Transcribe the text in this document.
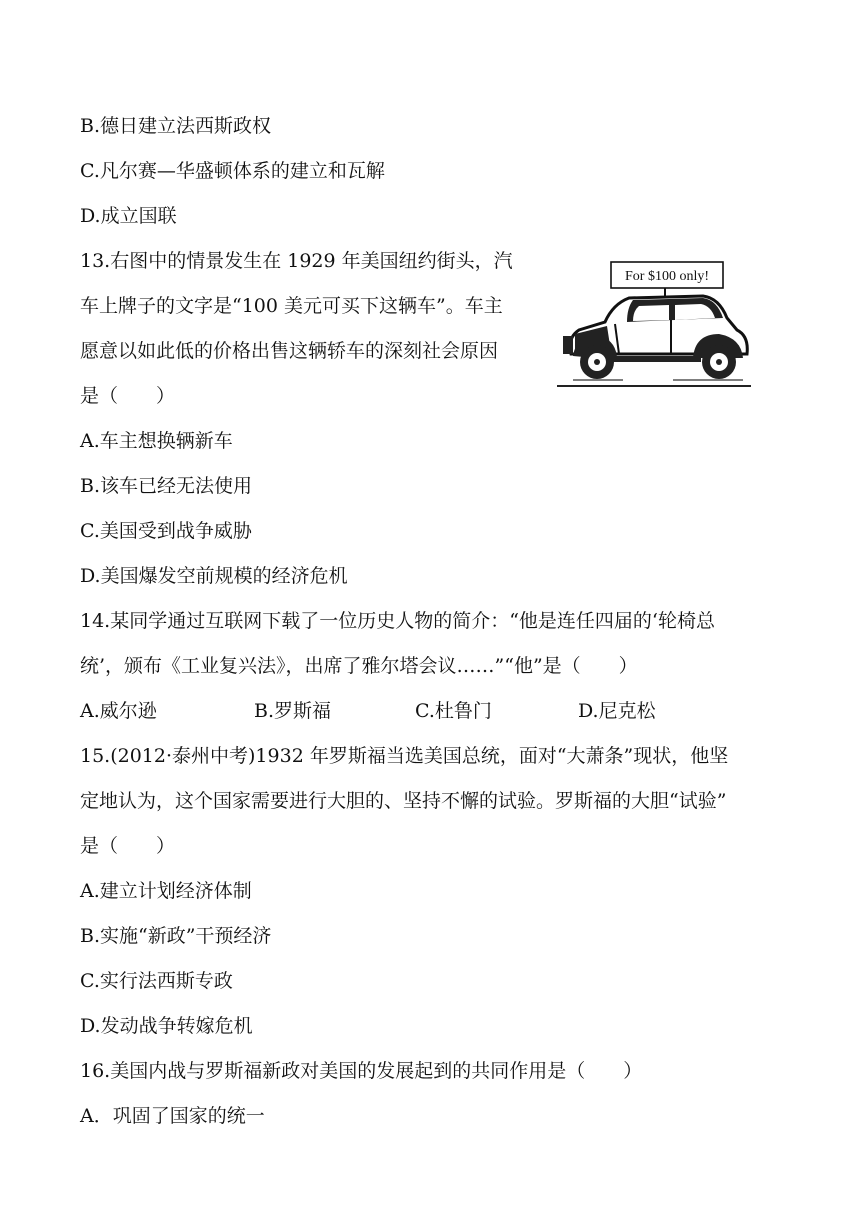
B.德日建立法西斯政权
C.凡尔赛—华盛顿体系的建立和瓦解
D.成立国联
13.右图中的情景发生在 1929 年美国纽约街头，汽
车上牌子的文字是“100 美元可买下这辆车”。车主
愿意以如此低的价格出售这辆轿车的深刻社会原因
是（　　）
For $100 only!
A.车主想换辆新车
B.该车已经无法使用
C.美国受到战争威胁
D.美国爆发空前规模的经济危机
14.某同学通过互联网下载了一位历史人物的简介：“他是连任四届的‘轮椅总
统’，颁布《工业复兴法》，出席了雅尔塔会议……”“他”是（　　）
A.威尔逊	B.罗斯福	C.杜鲁门	D.尼克松
15.(2012·泰州中考)1932 年罗斯福当选美国总统，面对“大萧条”现状，他坚
定地认为，这个国家需要进行大胆的、坚持不懈的试验。罗斯福的大胆“试验”
是（　　）
A.建立计划经济体制
B.实施“新政”干预经济
C.实行法西斯专政
D.发动战争转嫁危机
16.美国内战与罗斯福新政对美国的发展起到的共同作用是（　　）
A．巩固了国家的统一
